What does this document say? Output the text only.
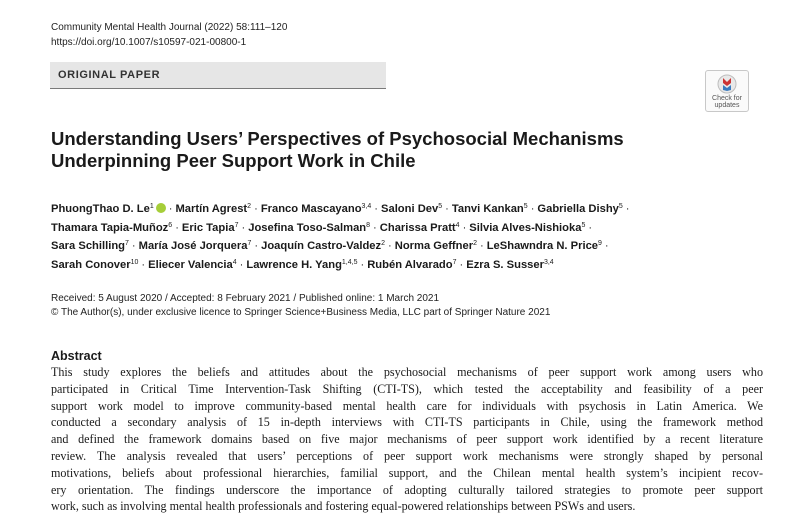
Community Mental Health Journal (2022) 58:111–120
https://doi.org/10.1007/s10597-021-00800-1
ORIGINAL PAPER
Check for
updates
Understanding Users’ Perspectives of Psychosocial Mechanisms
Underpinning Peer Support Work in Chile
PhuongThao D. $Le^1$ · Martín Agrest$^2$ · Franco Mascayano$^{3,4}$ · Saloni Dev$^5$ · Tanvi Kankan$^5$ · Gabriella Dishy$^5$ ·
Thamara Tapia-Muñoz$^6$ · Eric Tapia$^7$ · Josefina Toso-Salman$^8$ · Charissa Pratt$^4$ · Silvia Alves-Nishioka$^5$ ·
Sara Schilling$^7$ · María José Jorquera$^7$ · Joaquín Castro-Valdez$^2$ · Norma Geffner$^2$ · LeShawndra N. Price$^9$ ·
Sarah Conover$^{10}$ · Eliecer Valencia$^4$ · Lawrence H. Yang$^{1,4,5}$ · Rubén Alvarado$^7$ · Ezra S. Susser$^{3,4}$
Received: 5 August 2020 / Accepted: 8 February 2021 / Published online: 1 March 2021
© The Author(s), under exclusive licence to Springer Science+Business Media, LLC part of Springer Nature 2021
Abstract
This study explores the beliefs and attitudes about the psychosocial mechanisms of peer support work among users who
participated in Critical Time Intervention-Task Shifting (CTI-TS), which tested the acceptability and feasibility of a peer
support work model to improve community-based mental health care for individuals with psychosis in Latin America. We
conducted a secondary analysis of 15 in-depth interviews with CTI-TS participants in Chile, using the framework method
and defined the framework domains based on five major mechanisms of peer support work identified by a recent literature
review. The analysis revealed that users’ perceptions of peer support work mechanisms were strongly shaped by personal
motivations, beliefs about professional hierarchies, familial support, and the Chilean mental health system’s incipient recov-
ery orientation. The findings underscore the importance of adopting culturally tailored strategies to promote peer support
work, such as involving mental health professionals and fostering equal-powered relationships between PSWs and users.
